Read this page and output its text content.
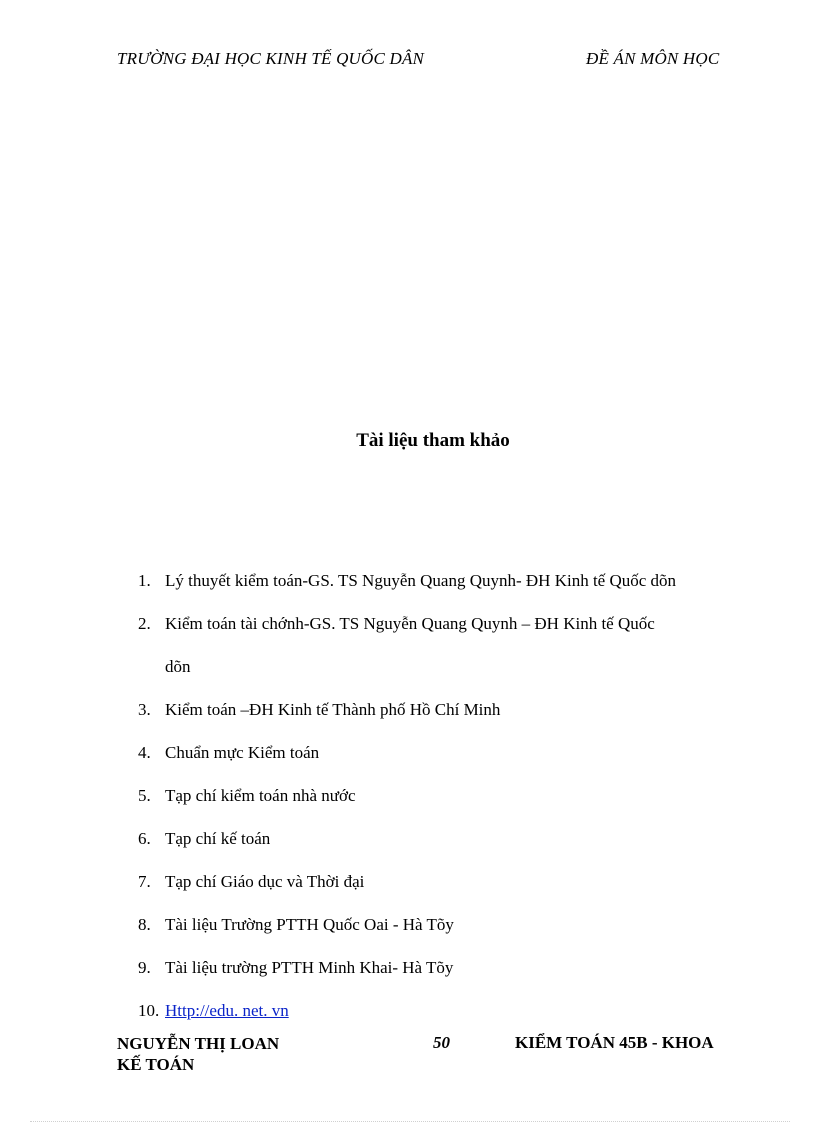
TRƯỜNG ĐẠI HỌC KINH TẾ QUỐC DÂN	ĐỀ ÁN MÔN HỌC
Tài liệu tham khảo
1. Lý thuyết kiểm toán-GS. TS Nguyễn Quang Quynh- ĐH Kinh tế Quốc dõn
2. Kiểm toán tài chớnh-GS. TS Nguyễn Quang Quynh – ĐH Kinh tế Quốc
dõn
3. Kiểm toán –ĐH Kinh tế Thành phố Hồ Chí Minh
4. Chuẩn mực Kiểm toán
5. Tạp chí kiểm toán nhà nước
6. Tạp chí kế toán
7. Tạp chí Giáo dục và Thời đại
8. Tài liệu Trường PTTH Quốc Oai - Hà Tõy
9. Tài liệu trường PTTH Minh Khai- Hà Tõy
10. Http://edu. net. vn
NGUYỄN THỊ LOAN
KẾ TOÁN
50	KIỂM TOÁN 45B - KHOA
